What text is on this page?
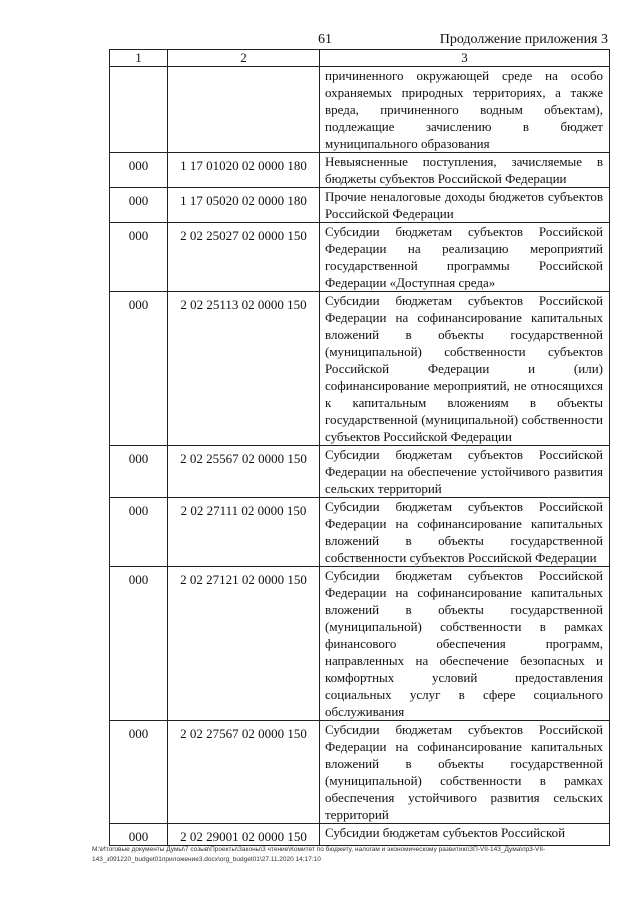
61	Продолжение приложения 3
1	2	3
		причиненного окружающей среде на особо охраняемых природных территориях, а также вреда, причиненного водным объектам), подлежащие зачислению в бюджет муниципального образования
000	1 17 01020 02 0000 180	Невыясненные поступления, зачисляемые в бюджеты субъектов Российской Федерации
000	1 17 05020 02 0000 180	Прочие неналоговые доходы бюджетов субъектов Российской Федерации
000	2 02 25027 02 0000 150	Субсидии бюджетам субъектов Российской Федерации на реализацию мероприятий государственной программы Российской Федерации «Доступная среда»
000	2 02 25113 02 0000 150	Субсидии бюджетам субъектов Российской Федерации на софинансирование капитальных вложений в объекты государственной (муниципальной) собственности субъектов Российской Федерации и (или) софинансирование мероприятий, не относящихся к капитальным вложениям в объекты государственной (муниципальной) собственности субъектов Российской Федерации
000	2 02 25567 02 0000 150	Субсидии бюджетам субъектов Российской Федерации на обеспечение устойчивого развития сельских территорий
000	2 02 27111 02 0000 150	Субсидии бюджетам субъектов Российской Федерации на софинансирование капитальных вложений в объекты государственной собственности субъектов Российской Федерации
000	2 02 27121 02 0000 150	Субсидии бюджетам субъектов Российской Федерации на софинансирование капитальных вложений в объекты государственной (муниципальной) собственности в рамках финансового обеспечения программ, направленных на обеспечение безопасных и комфортных условий предоставления социальных услуг в сфере социального обслуживания
000	2 02 27567 02 0000 150	Субсидии бюджетам субъектов Российской Федерации на софинансирование капитальных вложений в объекты государственной (муниципальной) собственности в рамках обеспечения устойчивого развития сельских территорий
000	2 02 29001 02 0000 150	Субсидии бюджетам субъектов Российской
M:\Итоговые документы Думы\7 созыв\Проекты\Законы\3 чтение\Комитет по бюджету, налогам и экономическому развитию\ЗП-VII-143_Дума\пр3-VII-143_з091220_budget01приложение3.docx\org_budget01\27.11.2020 14:17:10
